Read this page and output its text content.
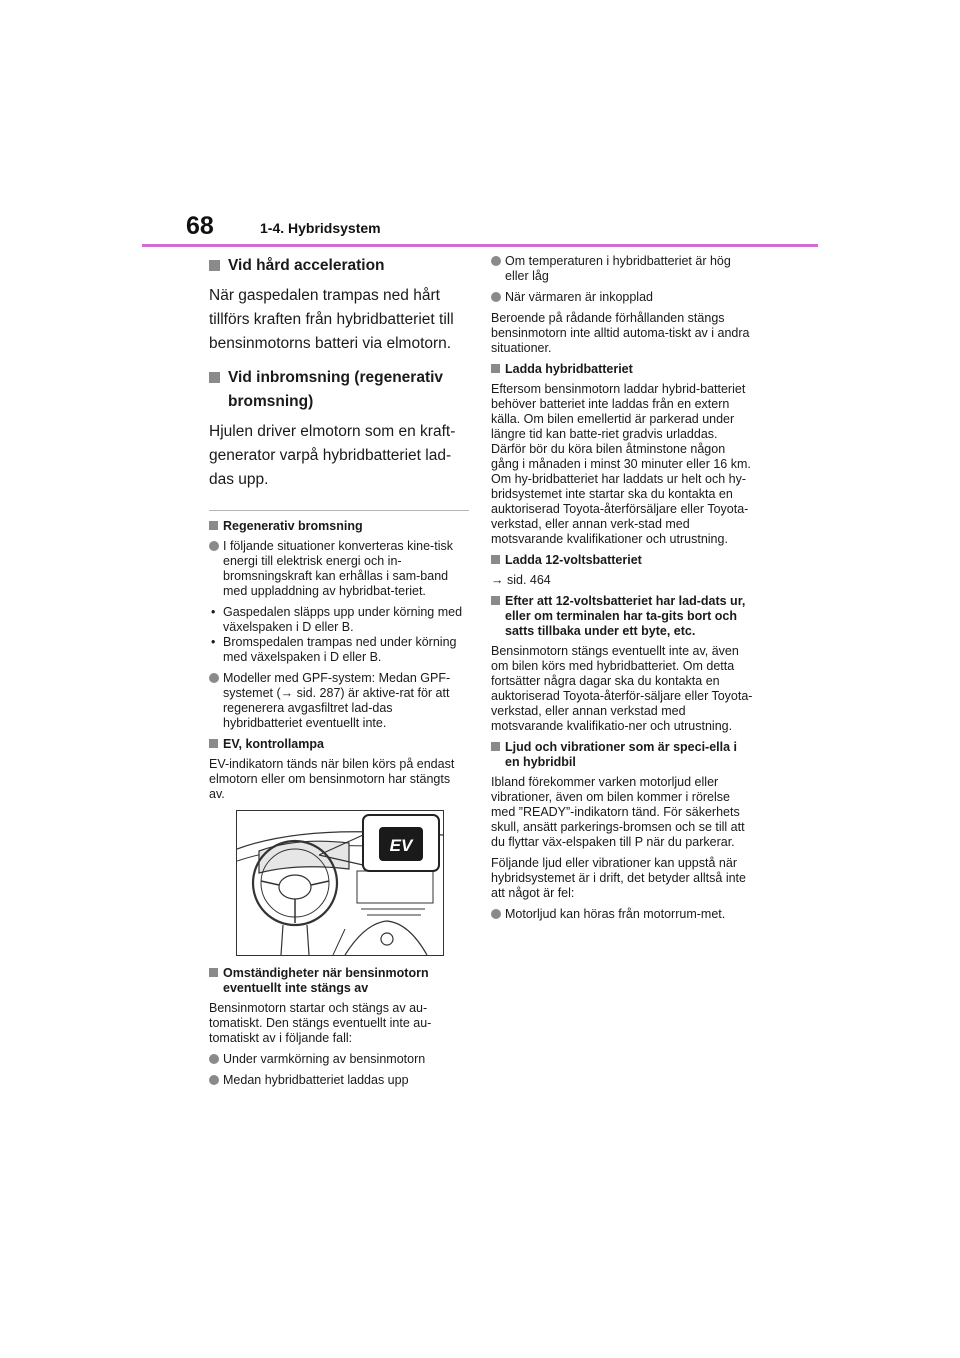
68	1-4. Hybridsystem
Vid hård acceleration

När gaspedalen trampas ned hårt tillförs kraften från hybridbatteriet till bensinmotorns batteri via elmotorn.

Vid inbromsning (regenerativ bromsning)

Hjulen driver elmotorn som en kraft-generator varpå hybridbatteriet lad-das upp.

Regenerativ bromsning
I följande situationer konverteras kine-tisk energi till elektrisk energi och in-bromsningskraft kan erhållas i sam-band med uppladdning av hybridbat-teriet.

• Gaspedalen släpps upp under körning med växelspaken i D eller B.

• Bromspedalen trampas ned under körning med växelspaken i D eller B.

Modeller med GPF-system: Medan GPF-systemet (→ sid. 287) är aktive-rat för att regenerera avgasfiltret lad-das hybridbatteriet eventuellt inte.
EV, kontrollampa

EV-indikatorn tänds när bilen körs på endast elmotorn eller om bensinmotorn har stängts av.

EV
Omständigheter när bensinmotorn eventuellt inte stängs av

Bensinmotorn startar och stängs av au-tomatiskt. Den stängs eventuellt inte au-tomatiskt av i följande fall:

Under varmkörning av bensinmotorn
Medan hybridbatteriet laddas upp
Om temperaturen i hybridbatteriet är hög eller låg
När värmaren är inkopplad

Beroende på rådande förhållanden stängs bensinmotorn inte alltid automa-tiskt av i andra situationer.

Ladda hybridbatteriet

Eftersom bensinmotorn laddar hybrid-batteriet behöver batteriet inte laddas från en extern källa. Om bilen emellertid är parkerad under längre tid kan batte-riet gradvis urladdas. Därför bör du köra bilen åtminstone någon gång i månaden i minst 30 minuter eller 16 km. Om hy-bridbatteriet har laddats ur helt och hy-bridsystemet inte startar ska du kontakta en auktoriserad Toyota-återförsäljare eller Toyota-verkstad, eller annan verk-stad med motsvarande kvalifikationer och utrustning.

Ladda 12-voltsbatteriet

→ sid. 464

Efter att 12-voltsbatteriet har lad-dats ur, eller om terminalen har ta-gits bort och satts tillbaka under ett byte, etc.

Bensinmotorn stängs eventuellt inte av, även om bilen körs med hybridbatteriet. Om detta fortsätter några dagar ska du kontakta en auktoriserad Toyota-återför-säljare eller Toyota-verkstad, eller annan verkstad med motsvarande kvalifikatio-ner och utrustning.

Ljud och vibrationer som är speci-ella i en hybridbil

Ibland förekommer varken motorljud eller vibrationer, även om bilen kommer i rörelse med ”READY”-indikatorn tänd. För säkerhets skull, ansätt parkerings-bromsen och se till att du flyttar väx-elspaken till P när du parkerar.

Följande ljud eller vibrationer kan uppstå när hybridsystemet är i drift, det betyder alltså inte att något är fel:

Motorljud kan höras från motorrum-met.
